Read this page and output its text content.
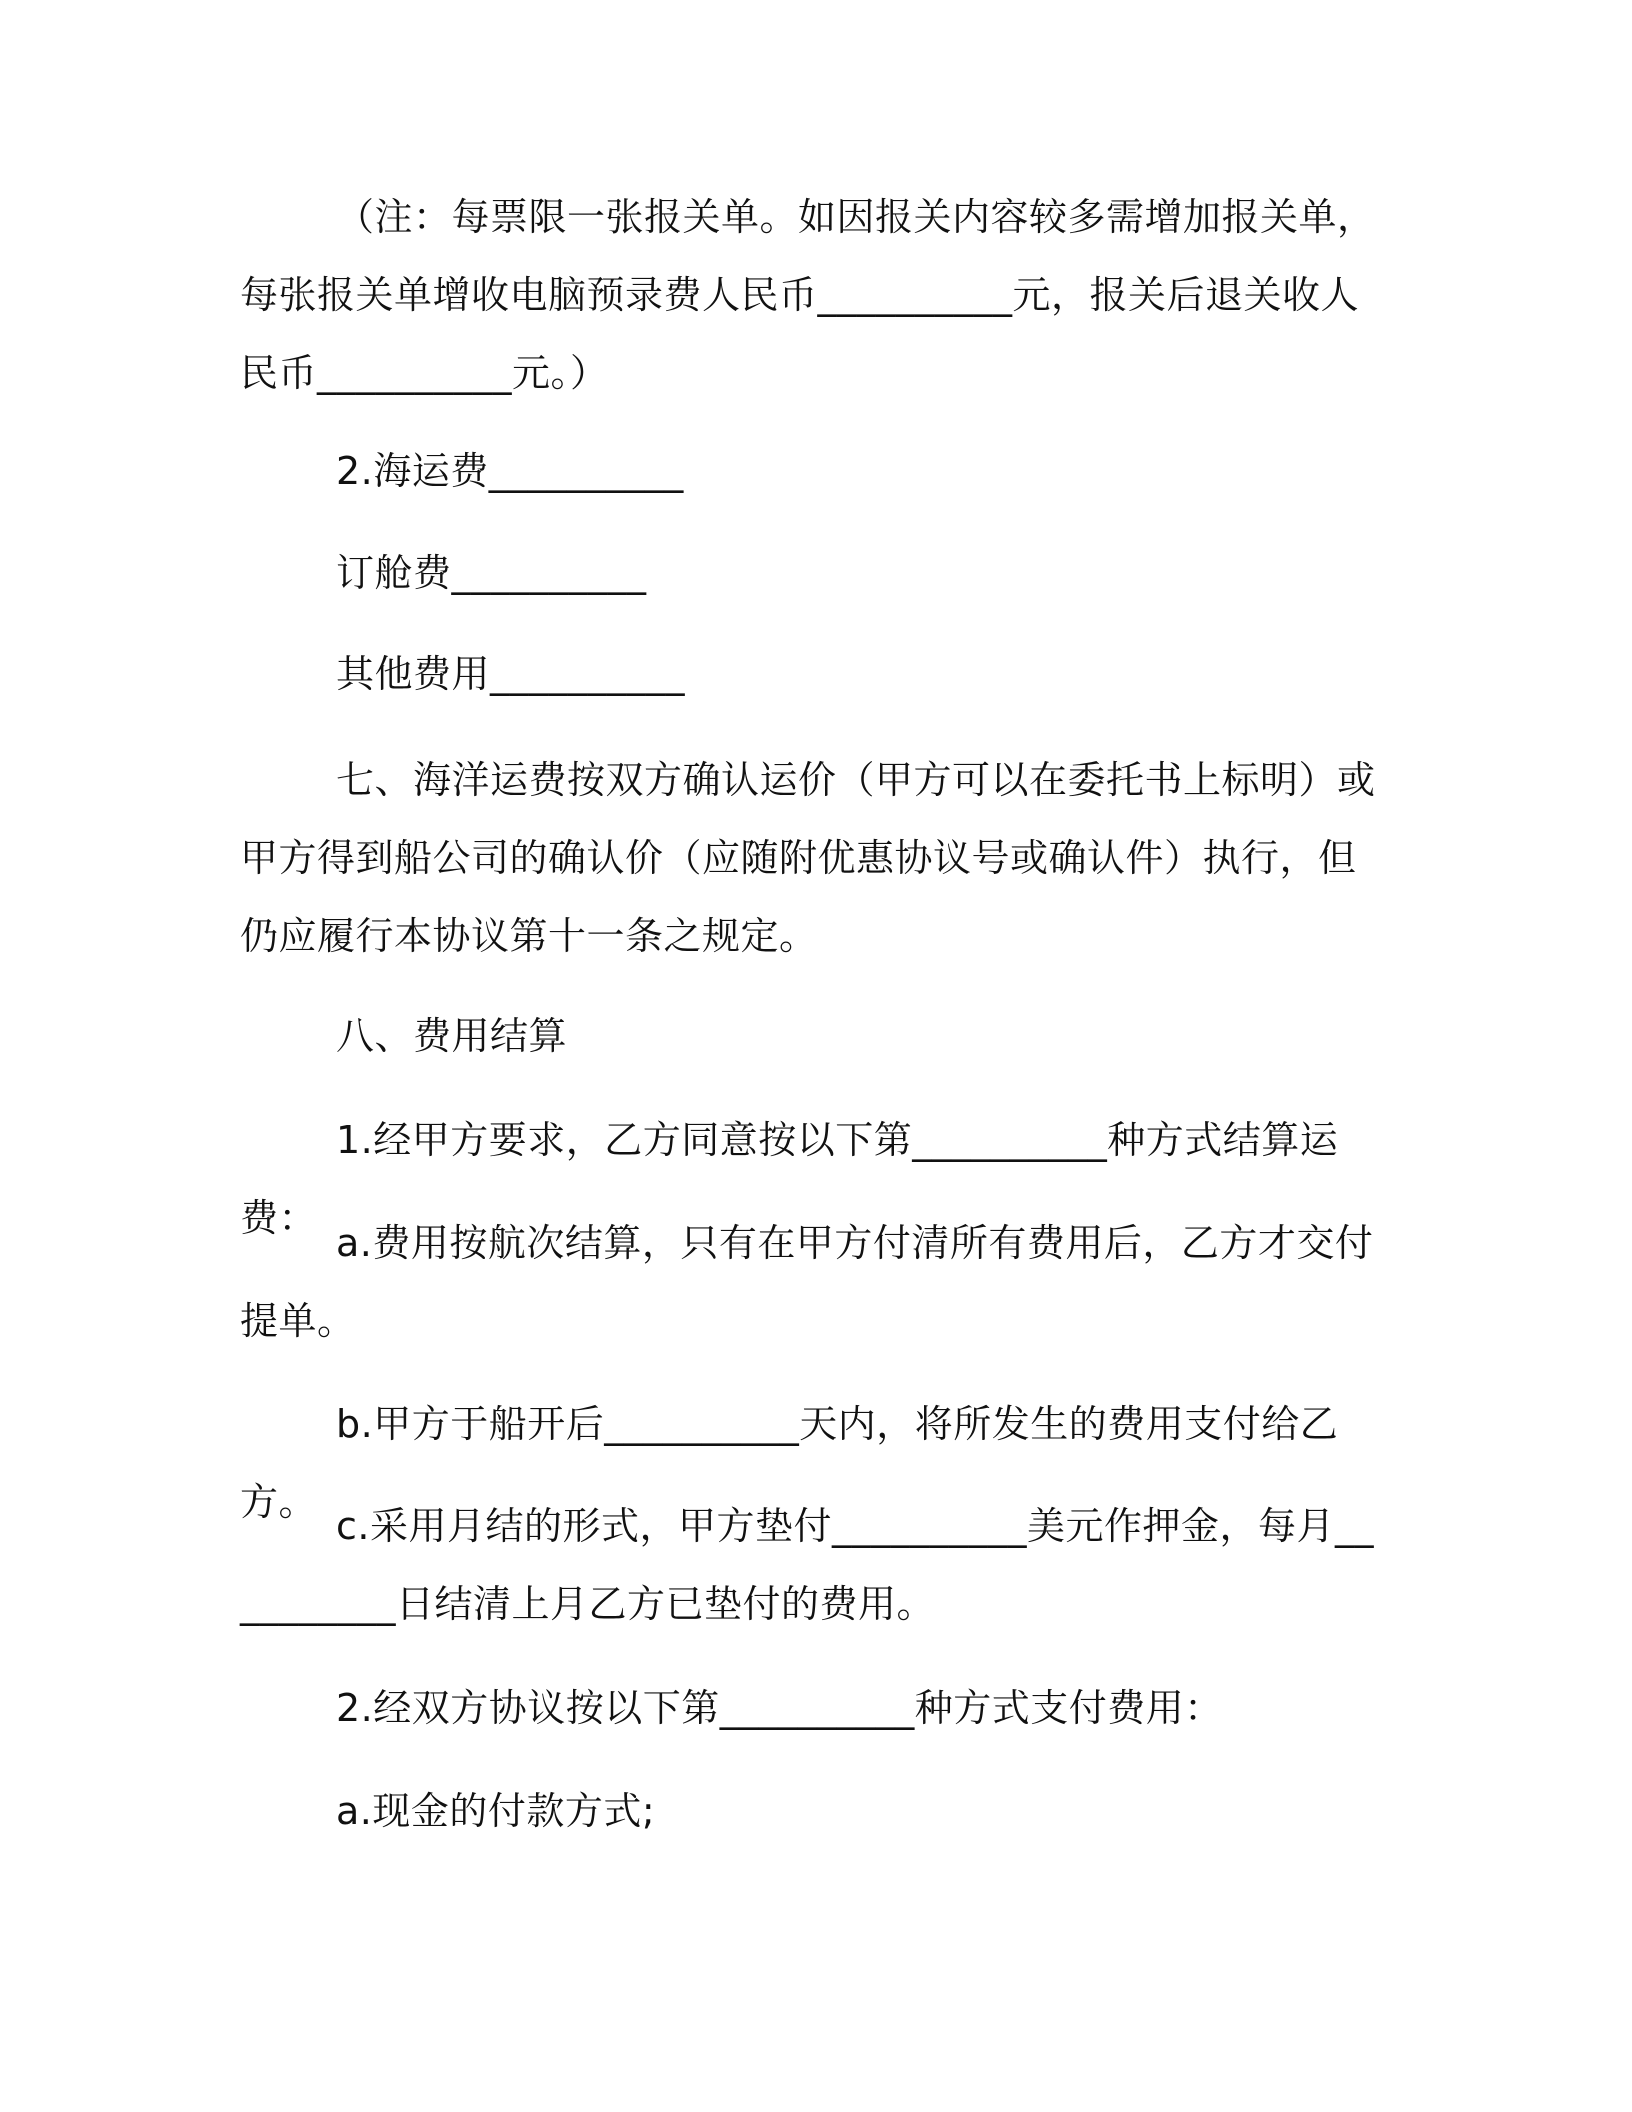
（注：每票限一张报关单。如因报关内容较多需增加报关单，每张报关单增收电脑预录费人民币__________元，报关后退关收人民币__________元。）

2.海运费__________

订舱费__________

其他费用__________

七、海洋运费按双方确认运价（甲方可以在委托书上标明）或甲方得到船公司的确认价（应随附优惠协议号或确认件）执行，但仍应履行本协议第十一条之规定。

八、费用结算

1.经甲方要求，乙方同意按以下第__________种方式结算运费：

a.费用按航次结算，只有在甲方付清所有费用后，乙方才交付提单。

b.甲方于船开后__________天内，将所发生的费用支付给乙方。

c.采用月结的形式，甲方垫付__________美元作押金，每月__________日结清上月乙方已垫付的费用。

2.经双方协议按以下第__________种方式支付费用：

a.现金的付款方式;
